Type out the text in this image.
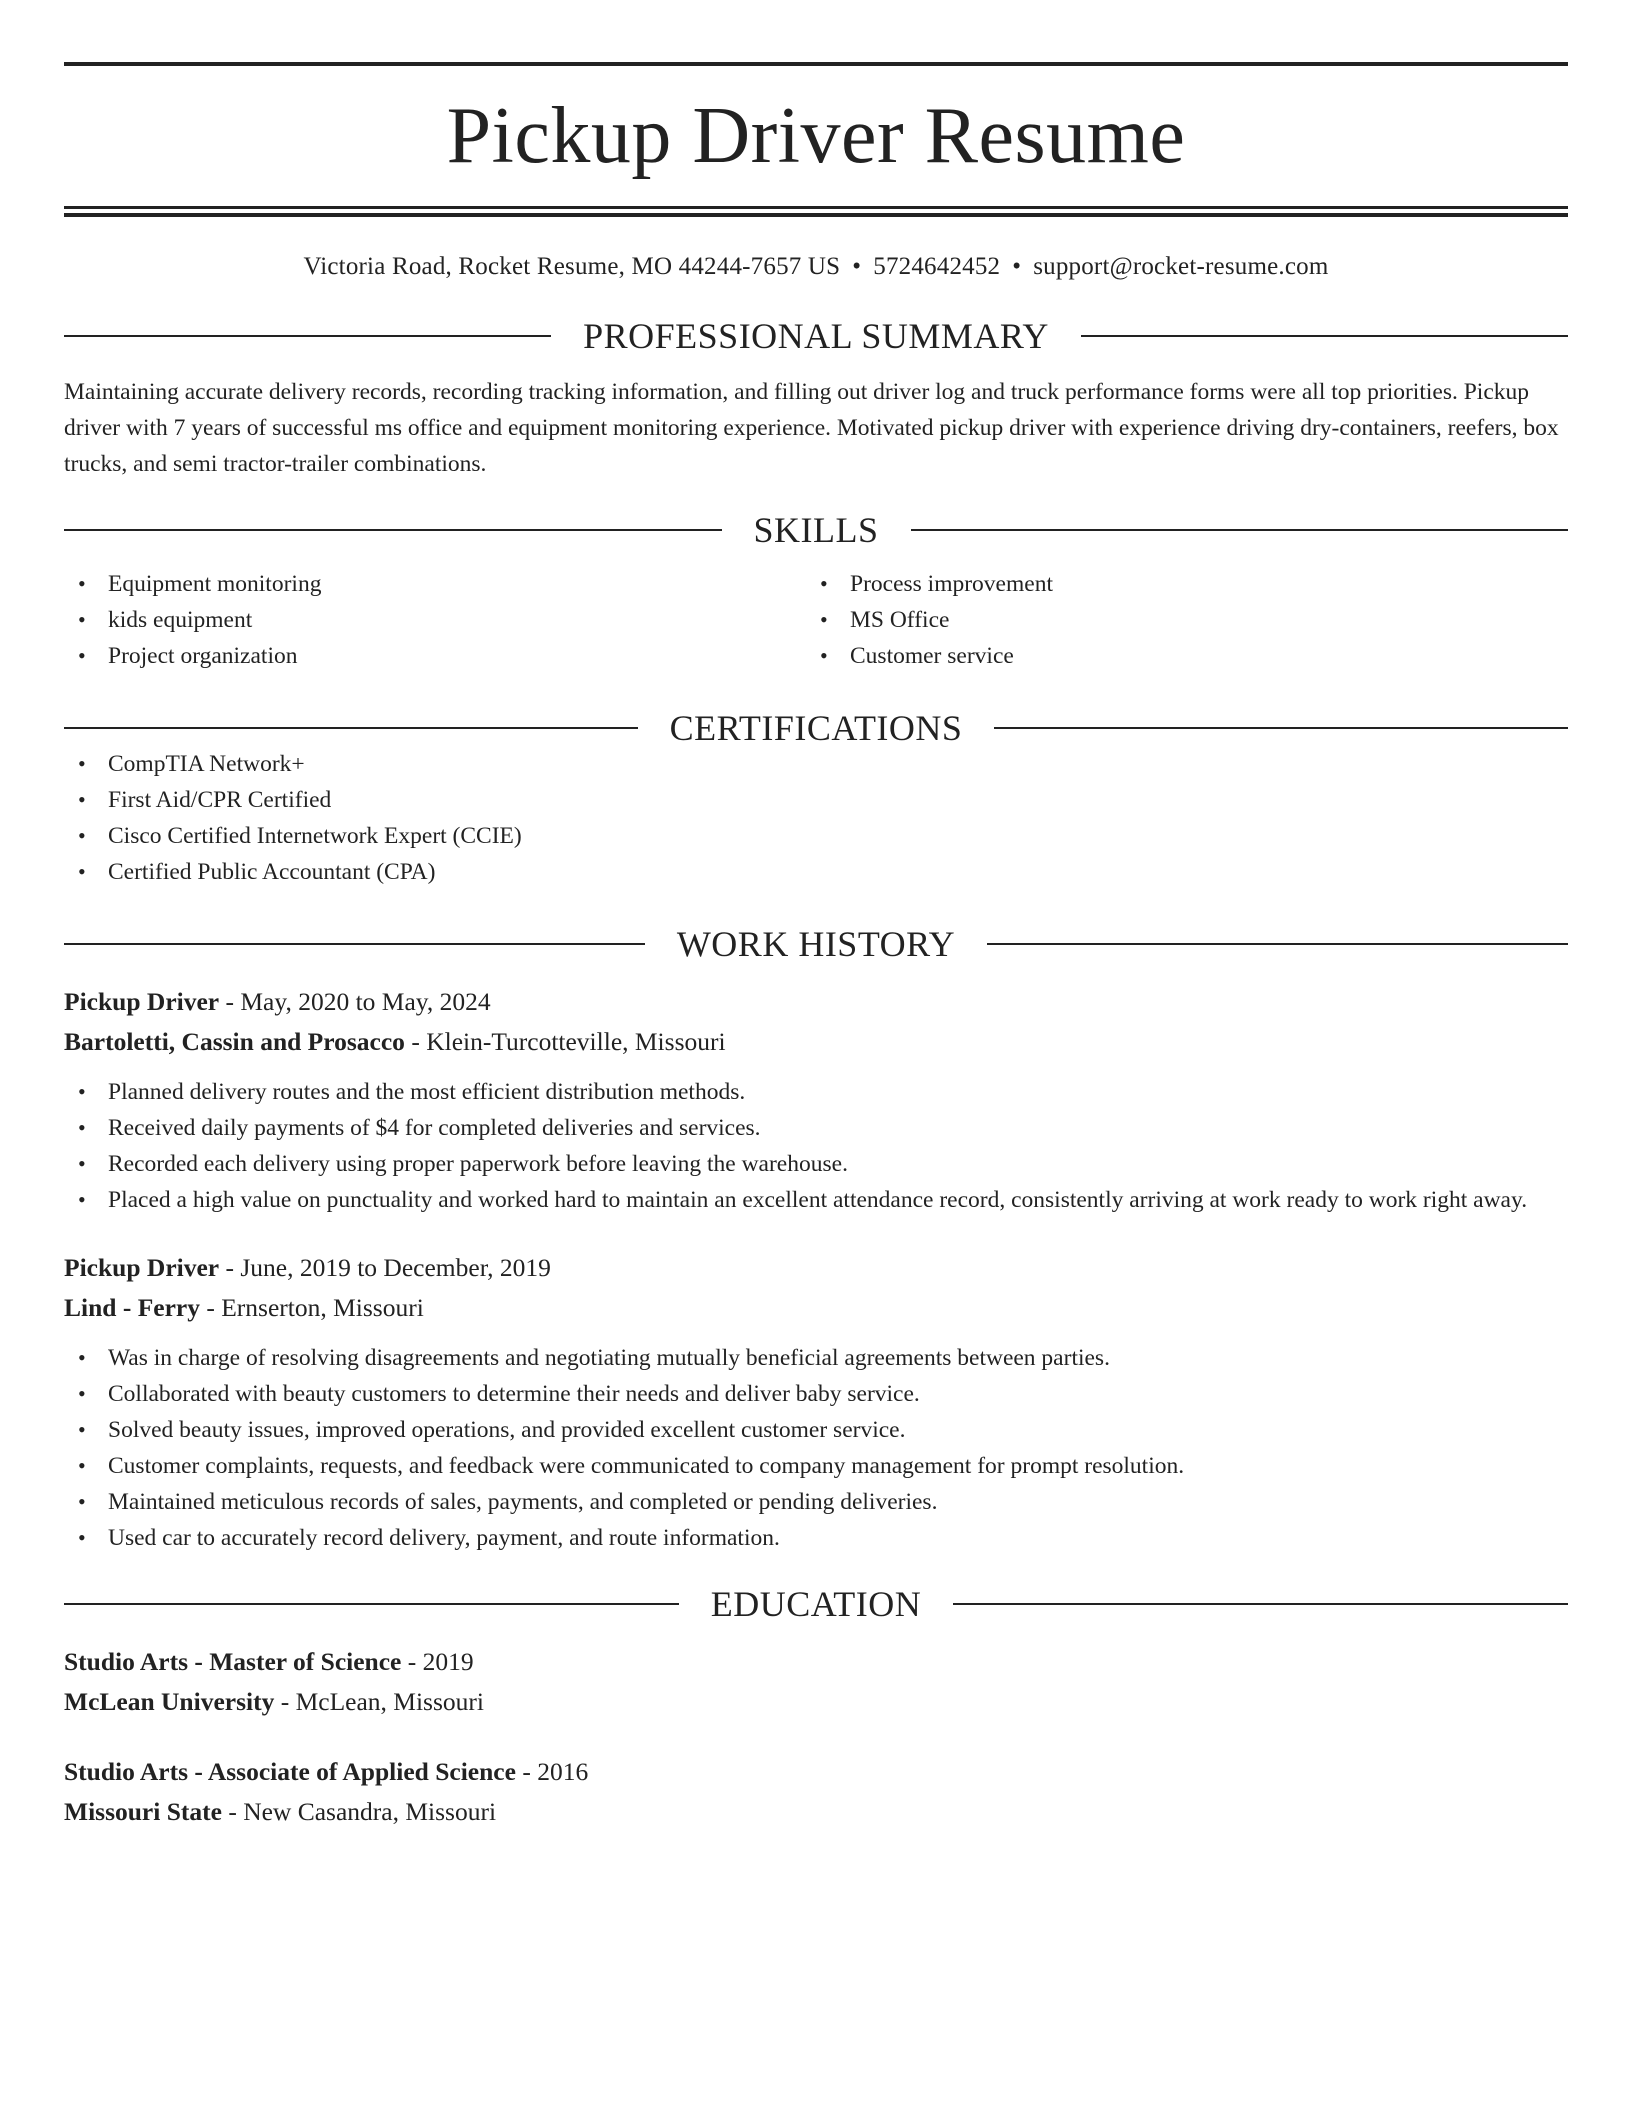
Pickup Driver Resume
Victoria Road, Rocket Resume, MO 44244-7657 US • 5724642452 • support@rocket-resume.com
PROFESSIONAL SUMMARY

Maintaining accurate delivery records, recording tracking information, and filling out driver log and truck performance forms were all top priorities. Pickup driver with 7 years of successful ms office and equipment monitoring experience. Motivated pickup driver with experience driving dry-containers, reefers, box trucks, and semi tractor-trailer combinations.

SKILLS
• Equipment monitoring
• kids equipment
• Project organization
• Process improvement
• MS Office
• Customer service
CERTIFICATIONS
• CompTIA Network+
• First Aid/CPR Certified
• Cisco Certified Internetwork Expert (CCIE)
• Certified Public Accountant (CPA)
WORK HISTORY
Pickup Driver - May, 2020 to May, 2024
Bartoletti, Cassin and Prosacco - Klein-Turcotteville, Missouri
• Planned delivery routes and the most efficient distribution methods.
• Received daily payments of $4 for completed deliveries and services.
• Recorded each delivery using proper paperwork before leaving the warehouse.
• Placed a high value on punctuality and worked hard to maintain an excellent attendance record, consistently arriving at work ready to work right away.
Pickup Driver - June, 2019 to December, 2019
Lind - Ferry - Ernserton, Missouri
• Was in charge of resolving disagreements and negotiating mutually beneficial agreements between parties.
• Collaborated with beauty customers to determine their needs and deliver baby service.
• Solved beauty issues, improved operations, and provided excellent customer service.
• Customer complaints, requests, and feedback were communicated to company management for prompt resolution.
• Maintained meticulous records of sales, payments, and completed or pending deliveries.
• Used car to accurately record delivery, payment, and route information.
EDUCATION
Studio Arts - Master of Science - 2019
McLean University - McLean, Missouri
Studio Arts - Associate of Applied Science - 2016
Missouri State - New Casandra, Missouri
